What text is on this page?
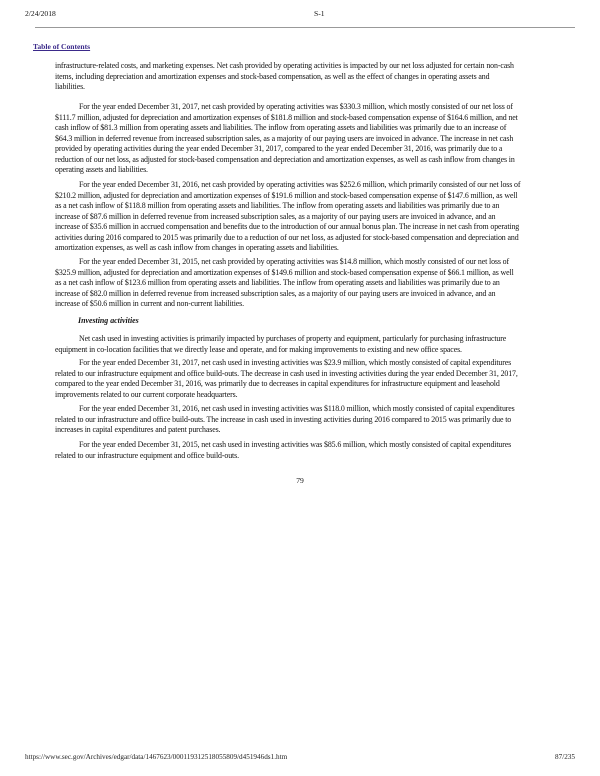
2/24/2018	S-1
Table of Contents
infrastructure-related costs, and marketing expenses. Net cash provided by operating activities is impacted by our net loss adjusted for certain non-cash
items, including depreciation and amortization expenses and stock-based compensation, as well as the effect of changes in operating assets and
liabilities.
For the year ended December 31, 2017, net cash provided by operating activities was $330.3 million, which mostly consisted of our net loss of
$111.7 million, adjusted for depreciation and amortization expenses of $181.8 million and stock-based compensation expense of $164.6 million, and net
cash inflow of $81.3 million from operating assets and liabilities. The inflow from operating assets and liabilities was primarily due to an increase of
$64.3 million in deferred revenue from increased subscription sales, as a majority of our paying users are invoiced in advance. The increase in net cash
provided by operating activities during the year ended December 31, 2017, compared to the year ended December 31, 2016, was primarily due to a
reduction of our net loss, as adjusted for stock-based compensation and depreciation and amortization expenses, as well as cash inflow from changes in
operating assets and liabilities.
For the year ended December 31, 2016, net cash provided by operating activities was $252.6 million, which primarily consisted of our net loss of
$210.2 million, adjusted for depreciation and amortization expenses of $191.6 million and stock-based compensation expense of $147.6 million, as well
as a net cash inflow of $118.8 million from operating assets and liabilities. The inflow from operating assets and liabilities was primarily due to an
increase of $87.6 million in deferred revenue from increased subscription sales, as a majority of our paying users are invoiced in advance, and an
increase of $35.6 million in accrued compensation and benefits due to the introduction of our annual bonus plan. The increase in net cash from operating
activities during 2016 compared to 2015 was primarily due to a reduction of our net loss, as adjusted for stock-based compensation and depreciation and
amortization expenses, as well as cash inflow from changes in operating assets and liabilities.
For the year ended December 31, 2015, net cash provided by operating activities was $14.8 million, which mostly consisted of our net loss of
$325.9 million, adjusted for depreciation and amortization expenses of $149.6 million and stock-based compensation expense of $66.1 million, as well
as a net cash inflow of $123.6 million from operating assets and liabilities. The inflow from operating assets and liabilities was primarily due to an
increase of $82.0 million in deferred revenue from increased subscription sales, as a majority of our paying users are invoiced in advance, and an
increase of $50.6 million in current and non-current liabilities.
Net cash used in investing activities is primarily impacted by purchases of property and equipment, particularly for purchasing infrastructure
equipment in co-location facilities that we directly lease and operate, and for making improvements to existing and new office spaces.
For the year ended December 31, 2017, net cash used in investing activities was $23.9 million, which mostly consisted of capital expenditures
related to our infrastructure equipment and office build-outs. The decrease in cash used in investing activities during the year ended December 31, 2017,
compared to the year ended December 31, 2016, was primarily due to decreases in capital expenditures for infrastructure equipment and leasehold
improvements related to our current corporate headquarters.
For the year ended December 31, 2016, net cash used in investing activities was $118.0 million, which mostly consisted of capital expenditures
related to our infrastructure and office build-outs. The increase in cash used in investing activities during 2016 compared to 2015 was primarily due to
increases in capital expenditures and patent purchases.
For the year ended December 31, 2015, net cash used in investing activities was $85.6 million, which mostly consisted of capital expenditures
related to our infrastructure equipment and office build-outs.
Investing activities
79
https://www.sec.gov/Archives/edgar/data/1467623/000119312518055809/d451946ds1.htm	87/235
